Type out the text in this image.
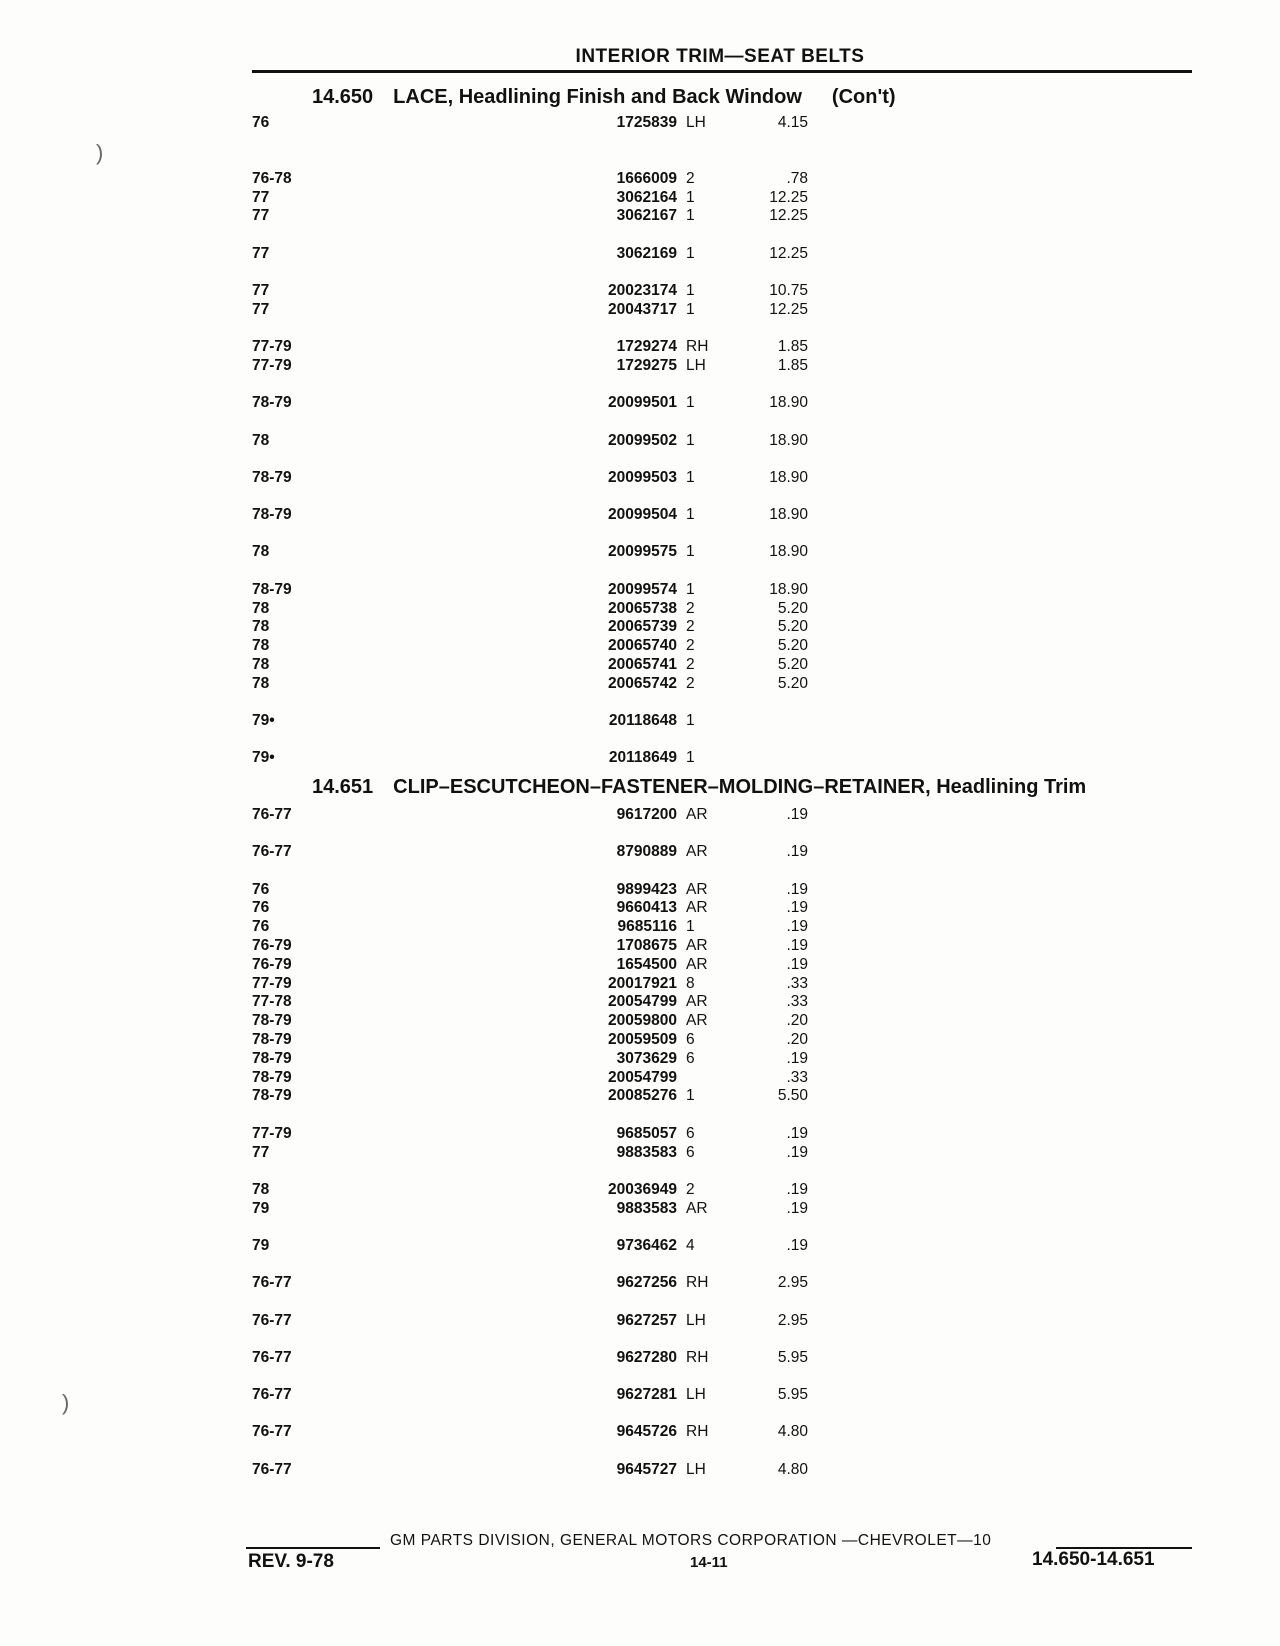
INTERIOR TRIM—SEAT BELTS
14.650 LACE, Headlining Finish and Back Window (Con't)
76	1725839 LH	4.15
76-78	1666009 2	.78
77	3062164 1	12.25
77	3062167 1	12.25
77	3062169 1	12.25
77	20023174 1	10.75
77	20043717 1	12.25
77-79	1729274 RH	1.85
77-79	1729275 LH	1.85
78-79	20099501 1	18.90
78	20099502 1	18.90
78-79	20099503 1	18.90
78-79	20099504 1	18.90
78	20099575 1	18.90
78-79	20099574 1	18.90
78	20065738 2	5.20
78	20065739 2	5.20
78	20065740 2	5.20
78	20065741 2	5.20
78	20065742 2	5.20
79•	20118648 1
79•	20118649 1
14.651 CLIP–ESCUTCHEON–FASTENER–MOLDING–RETAINER, Headlining Trim
76-77	9617200 AR	.19
76-77	8790889 AR	.19
76	9899423 AR	.19
76	9660413 AR	.19
76	9685116 1	.19
76-79	1708675 AR	.19
76-79	1654500 AR	.19
77-79	20017921 8	.33
77-78	20054799 AR	.33
78-79	20059800 AR	.20
78-79	20059509 6	.20
78-79	3073629 6	.19
78-79	20054799	.33
78-79	20085276 1	5.50
77-79	9685057 6	.19
77	9883583 6	.19
78	20036949 2	.19
79	9883583 AR	.19
79	9736462 4	.19
76-77	9627256 RH	2.95
76-77	9627257 LH	2.95
76-77	9627280 RH	5.95
76-77	9627281 LH	5.95
76-77	9645726 RH	4.80
76-77	9645727 LH	4.80
GM PARTS DIVISION, GENERAL MOTORS CORPORATION —CHEVROLET—10
REV. 9-78	14-11	14.650-14.651
)
)
